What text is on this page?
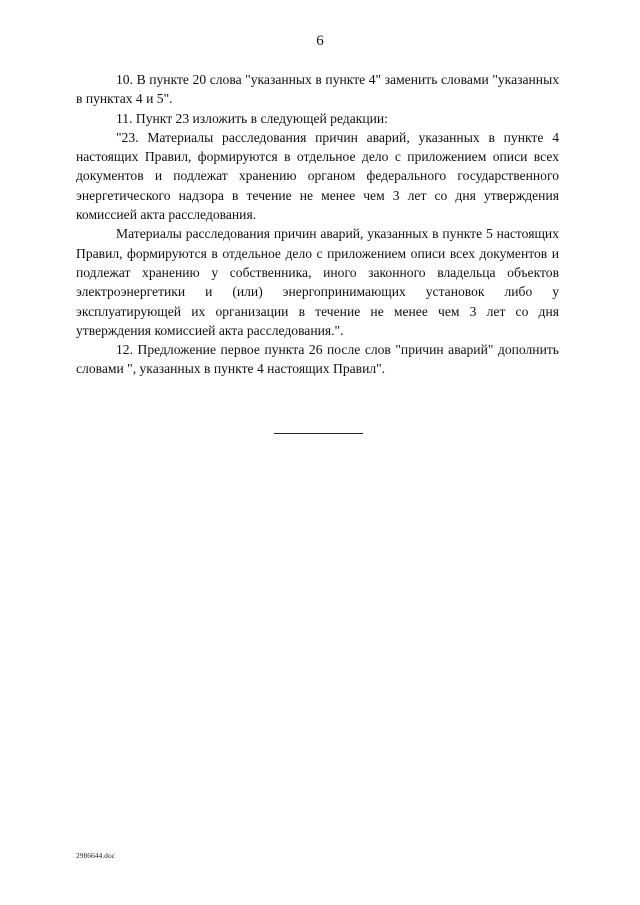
6

10. В пункте 20 слова "указанных в пункте 4" заменить словами "указанных в пунктах 4 и 5".

11. Пункт 23 изложить в следующей редакции:

"23. Материалы расследования причин аварий, указанных в пункте 4 настоящих Правил, формируются в отдельное дело с приложением описи всех документов и подлежат хранению органом федерального государственного энергетического надзора в течение не менее чем 3 лет со дня утверждения комиссией акта расследования.

Материалы расследования причин аварий, указанных в пункте 5 настоящих Правил, формируются в отдельное дело с приложением описи всех документов и подлежат хранению у собственника, иного законного владельца объектов электроэнергетики и (или) энергопринимающих установок либо у эксплуатирующей их организации в течение не менее чем 3 лет со дня утверждения комиссией акта расследования.".

12. Предложение первое пункта 26 после слов "причин аварий" дополнить словами ", указанных в пункте 4 настоящих Правил".

2986644.doc
